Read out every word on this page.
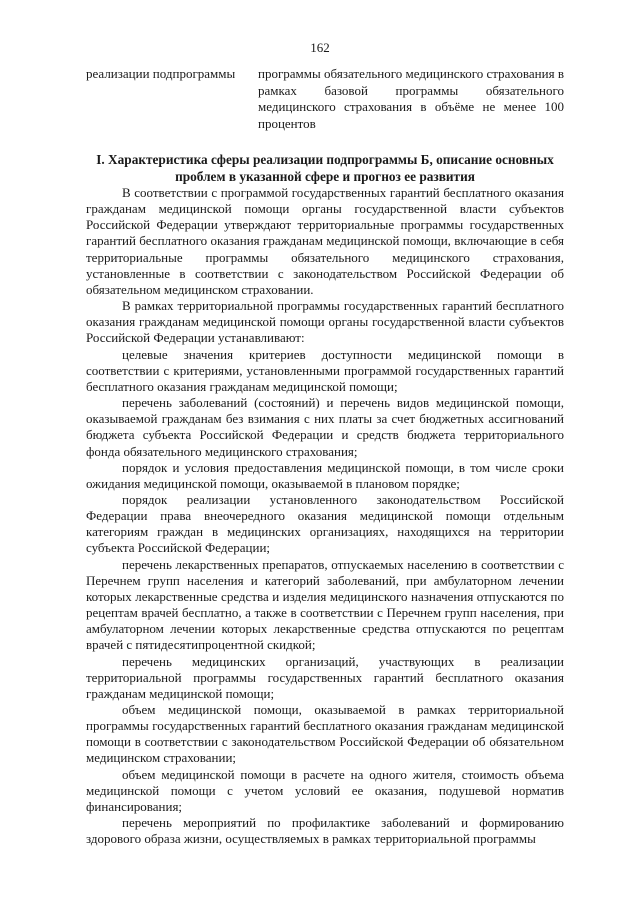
162
реализации подпрограммы	программы обязательного медицинского страхования в рамках базовой программы обязательного медицинского страхования в объёме не менее 100 процентов
I. Характеристика сферы реализации подпрограммы Б, описание основных проблем в указанной сфере и прогноз ее развития

В соответствии с программой государственных гарантий бесплатного оказания гражданам медицинской помощи органы государственной власти субъектов Российской Федерации утверждают территориальные программы государственных гарантий бесплатного оказания гражданам медицинской помощи, включающие в себя территориальные программы обязательного медицинского страхования, установленные в соответствии с законодательством Российской Федерации об обязательном медицинском страховании.

В рамках территориальной программы государственных гарантий бесплатного оказания гражданам медицинской помощи органы государственной власти субъектов Российской Федерации устанавливают:

целевые значения критериев доступности медицинской помощи в соответствии с критериями, установленными программой государственных гарантий бесплатного оказания гражданам медицинской помощи;

перечень заболеваний (состояний) и перечень видов медицинской помощи, оказываемой гражданам без взимания с них платы за счет бюджетных ассигнований бюджета субъекта Российской Федерации и средств бюджета территориального фонда обязательного медицинского страхования;

порядок и условия предоставления медицинской помощи, в том числе сроки ожидания медицинской помощи, оказываемой в плановом порядке;

порядок реализации установленного законодательством Российской Федерации права внеочередного оказания медицинской помощи отдельным категориям граждан в медицинских организациях, находящихся на территории субъекта Российской Федерации;

перечень лекарственных препаратов, отпускаемых населению в соответствии с Перечнем групп населения и категорий заболеваний, при амбулаторном лечении которых лекарственные средства и изделия медицинского назначения отпускаются по рецептам врачей бесплатно, а также в соответствии с Перечнем групп населения, при амбулаторном лечении которых лекарственные средства отпускаются по рецептам врачей с пятидесятипроцентной скидкой;

перечень медицинских организаций, участвующих в реализации территориальной программы государственных гарантий бесплатного оказания гражданам медицинской помощи;

объем медицинской помощи, оказываемой в рамках территориальной программы государственных гарантий бесплатного оказания гражданам медицинской помощи в соответствии с законодательством Российской Федерации об обязательном медицинском страховании;

объем медицинской помощи в расчете на одного жителя, стоимость объема медицинской помощи с учетом условий ее оказания, подушевой норматив финансирования;

перечень мероприятий по профилактике заболеваний и формированию здорового образа жизни, осуществляемых в рамках территориальной программы
